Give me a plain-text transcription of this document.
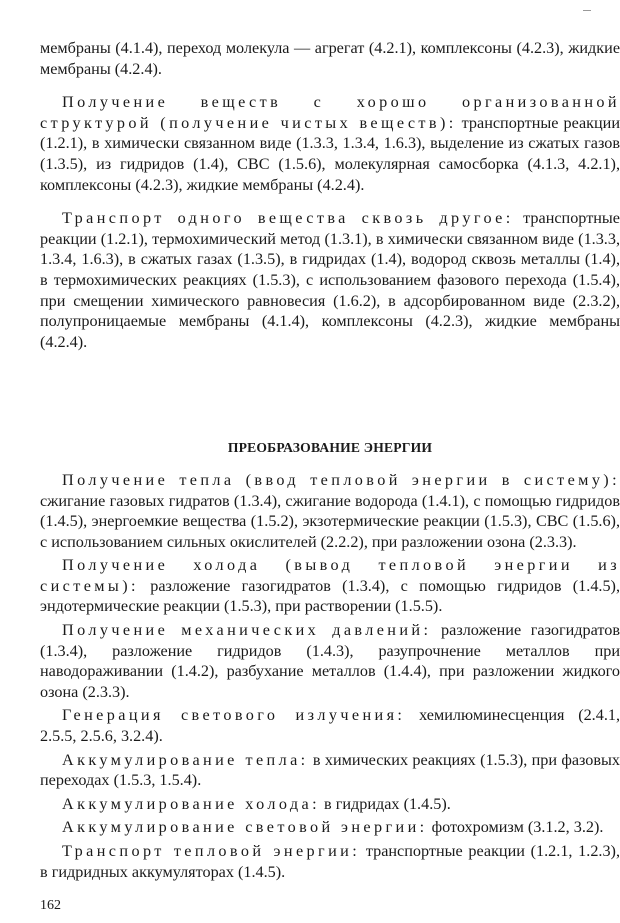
мембраны (4.1.4), переход молекула — агрегат (4.2.1), комплексоны (4.2.3), жидкие мембраны (4.2.4).

Получение веществ с хорошо организованной структурой (получение чистых веществ): транспортные реакции (1.2.1), в химически связанном виде (1.3.3, 1.3.4, 1.6.3), выделение из сжатых газов (1.3.5), из гидридов (1.4), СВС (1.5.6), молекулярная самосборка (4.1.3, 4.2.1), комплексоны (4.2.3), жидкие мембраны (4.2.4).

Транспорт одного вещества сквозь другое: транспортные реакции (1.2.1), термохимический метод (1.3.1), в химически связанном виде (1.3.3, 1.3.4, 1.6.3), в сжатых газах (1.3.5), в гидридах (1.4), водород сквозь металлы (1.4), в термохимических реакциях (1.5.3), с использованием фазового перехода (1.5.4), при смещении химического равновесия (1.6.2), в адсорбированном виде (2.3.2), полупроницаемые мембраны (4.1.4), комплексоны (4.2.3), жидкие мембраны (4.2.4).

ПРЕОБРАЗОВАНИЕ ЭНЕРГИИ

Получение тепла (ввод тепловой энергии в систему): сжигание газовых гидратов (1.3.4), сжигание водорода (1.4.1), с помощью гидридов (1.4.5), энергоемкие вещества (1.5.2), экзотермические реакции (1.5.3), СВС (1.5.6), с использованием сильных окислителей (2.2.2), при разложении озона (2.3.3).

Получение холода (вывод тепловой энергии из системы): разложение газогидратов (1.3.4), с помощью гидридов (1.4.5), эндотермические реакции (1.5.3), при растворении (1.5.5).

Получение механических давлений: разложение газогидратов (1.3.4), разложение гидридов (1.4.3), разупрочнение металлов при наводораживании (1.4.2), разбухание металлов (1.4.4), при разложении жидкого озона (2.3.3).

Генерация светового излучения: хемилюминесценция (2.4.1, 2.5.5, 2.5.6, 3.2.4).

Аккумулирование тепла: в химических реакциях (1.5.3), при фазовых переходах (1.5.3, 1.5.4).

Аккумулирование холода: в гидридах (1.4.5).

Аккумулирование световой энергии: фотохромизм (3.1.2, 3.2).

Транспорт тепловой энергии: транспортные реакции (1.2.1, 1.2.3), в гидридных аккумуляторах (1.4.5).

162
